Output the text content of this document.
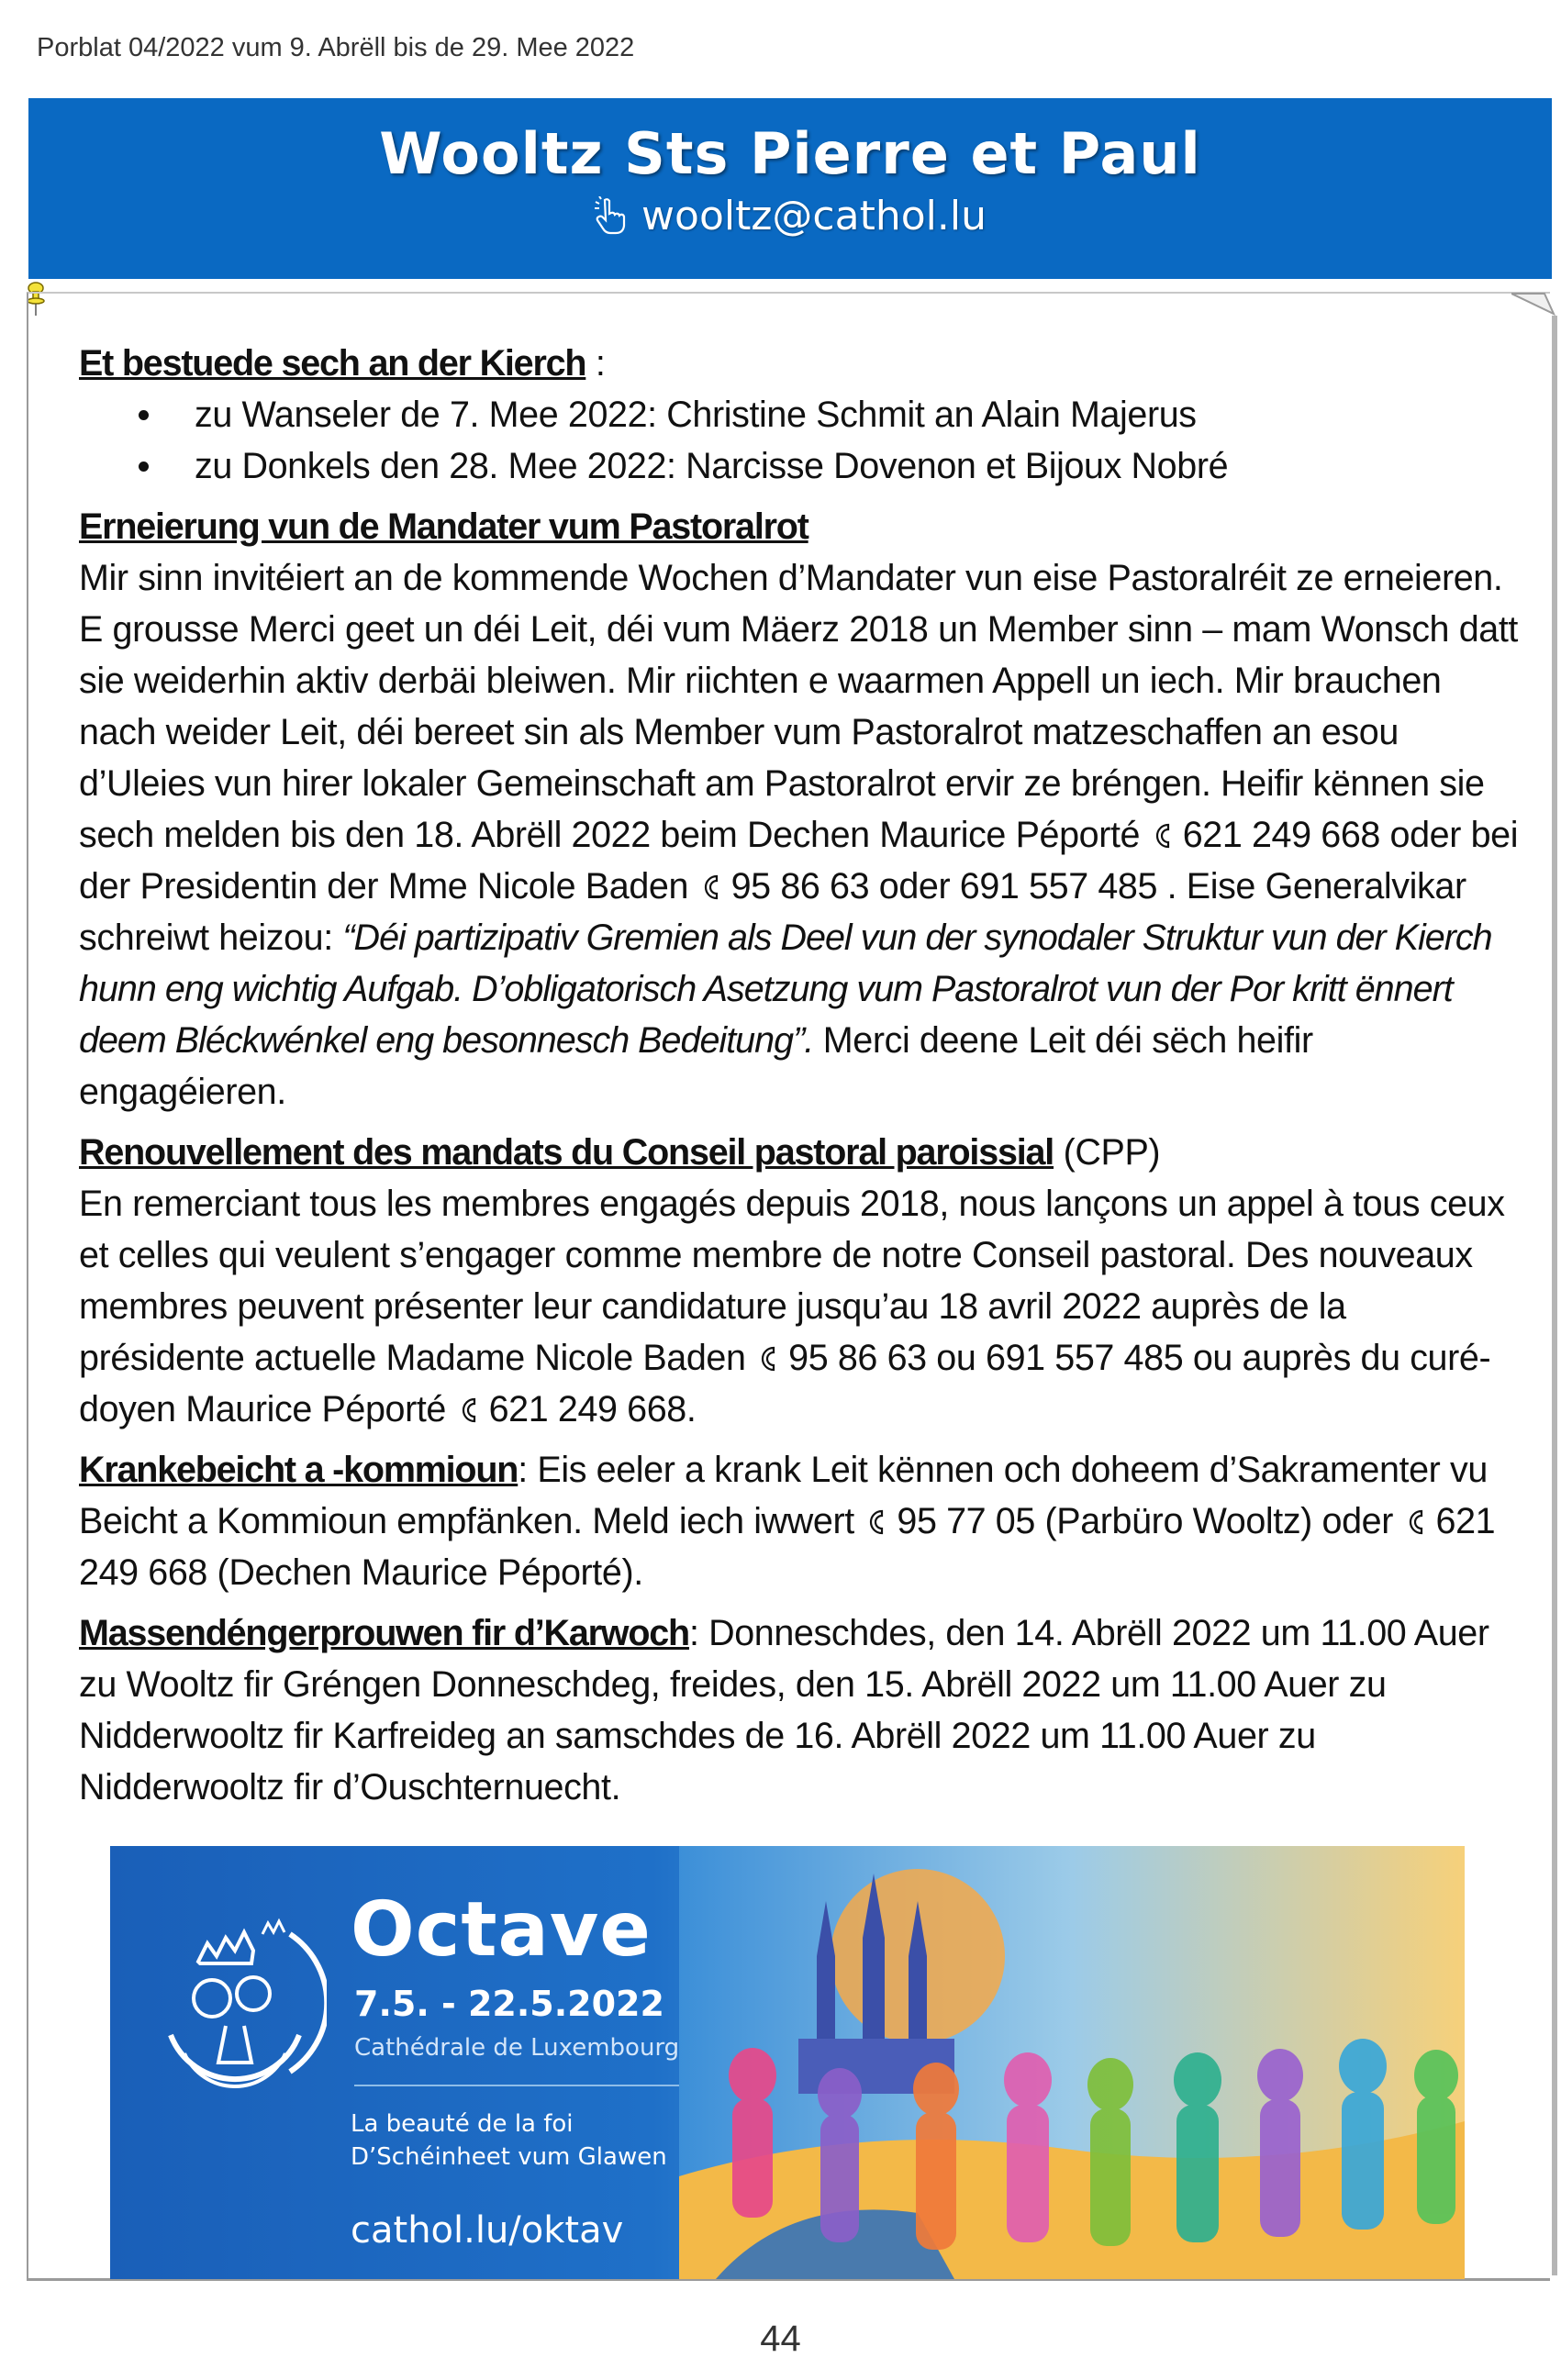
Porblat 04/2022 vum 9. Abrëll bis de 29. Mee 2022
Wooltz Sts Pierre et Paul
wooltz@cathol.lu

Et bestuede sech an der Kierch :

zu Wanseler de 7. Mee 2022: Christine Schmit an Alain Majerus
zu Donkels den 28. Mee 2022: Narcisse Dovenon et Bijoux Nobré

Erneierung vun de Mandater vum Pastoralrot

Mir sinn invitéiert an de kommende Wochen d’Mandater vun eise Pastoralréit ze erneieren. E grousse Merci geet un déi Leit, déi vum Mäerz 2018 un Member sinn – mam Wonsch datt sie weiderhin aktiv derbäi bleiwen. Mir riichten e waarmen Appell un iech. Mir brauchen nach weider Leit, déi bereet sin als Member vum Pastoralrot matzeschaffen an esou d’Uleies vun hirer lokaler Gemeinschaft am Pastoralrot ervir ze bréngen. Heifir kënnen sie sech melden bis den 18. Abrëll 2022 beim Dechen Maurice Péporté 621 249 668 oder bei der Presidentin der Mme Nicole Baden 95 86 63 oder 691 557 485 . Eise Generalvikar schreiwt heizou: “Déi partizipativ Gremien als Deel vun der synodaler Struktur vun der Kierch hunn eng wichtig Aufgab. D’obligatorisch Asetzung vum Pastoralrot vun der Por kritt ënnert deem Bléckwénkel eng besonnesch Bedeitung”. Merci deene Leit déi sëch heifir engagéieren.

Renouvellement des mandats du Conseil pastoral paroissial (CPP)

En remerciant tous les membres engagés depuis 2018, nous lançons un appel à tous ceux et celles qui veulent s’engager comme membre de notre Conseil pastoral. Des nouveaux membres peuvent présenter leur candidature jusqu’au 18 avril 2022 auprès de la présidente actuelle Madame Nicole Baden 95 86 63 ou 691 557 485 ou auprès du curé-doyen Maurice Péporté 621 249 668.

Krankebeicht a -kommioun: Eis eeler a krank Leit kënnen och doheem d’Sakramenter vu Beicht a Kommioun empfänken. Meld iech iwwert 95 77 05 (Parbüro Wooltz) oder 621 249 668 (Dechen Maurice Péporté).

Massendéngerprouwen fir d’Karwoch: Donneschdes, den 14. Abrëll 2022 um 11.00 Auer zu Wooltz fir Gréngen Donneschdeg, freides, den 15. Abrëll 2022 um 11.00 Auer zu Nidderwooltz fir Karfreideg an samschdes de 16. Abrëll 2022 um 11.00 Auer zu Nidderwooltz fir d’Ouschternuecht.

Octave
7.5. - 22.5.2022
Cathédrale de Luxembourg
La beauté de la foi
D’Schéinheet vum Glawen
cathol.lu/oktav
44
